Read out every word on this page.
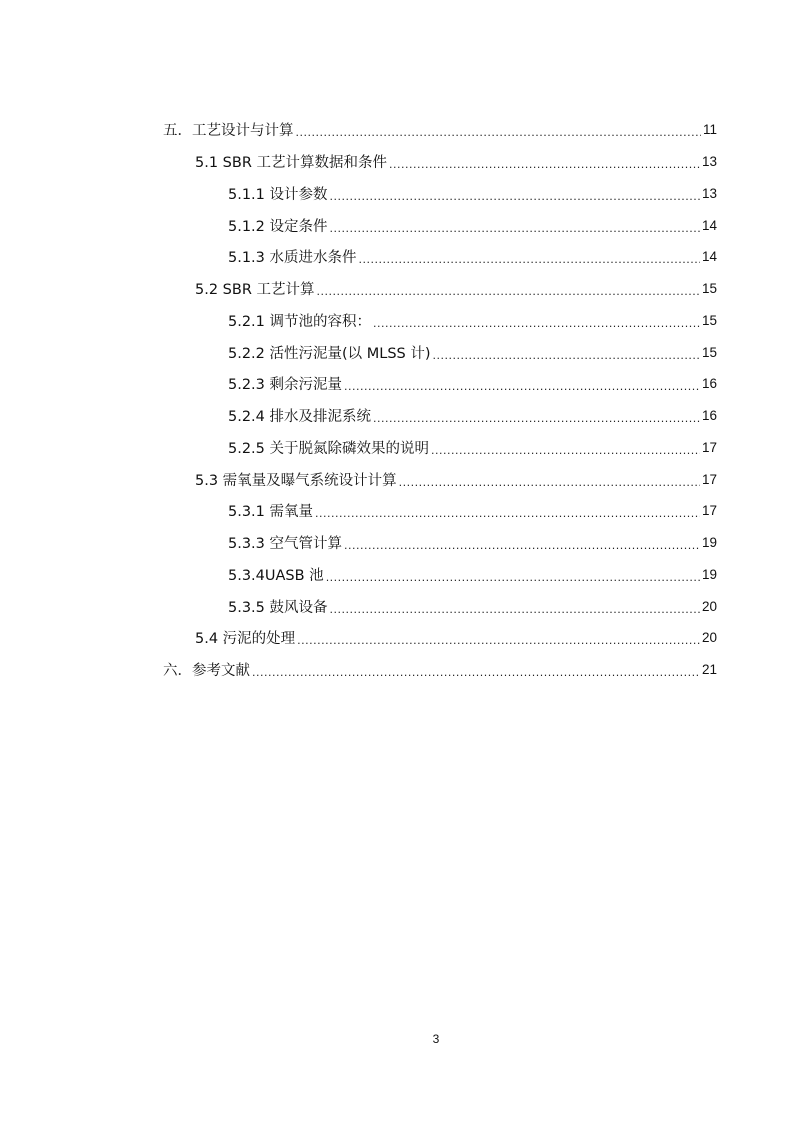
五．工艺设计与计算 .....	11
5.1 SBR 工艺计算数据和条件 .....	13
5.1.1 设计参数 .....	13
5.1.2 设定条件 .....	14
5.1.3 水质进水条件 .....	14
5.2 SBR 工艺计算 .....	15
5.2.1 调节池的容积： .....	15
5.2.2 活性污泥量(以 MLSS 计) .....	15
5.2.3 剩余污泥量 .....	16
5.2.4 排水及排泥系统 .....	16
5.2.5 关于脱氮除磷效果的说明 .....	17
5.3 需氧量及曝气系统设计计算 .....	17
5.3.1 需氧量 .....	17
5.3.3 空气管计算 .....	19
5.3.4UASB 池 .....	19
5.3.5 鼓风设备 .....	20
5.4 污泥的处理 .....	20
六．参考文献 .....	21
3
